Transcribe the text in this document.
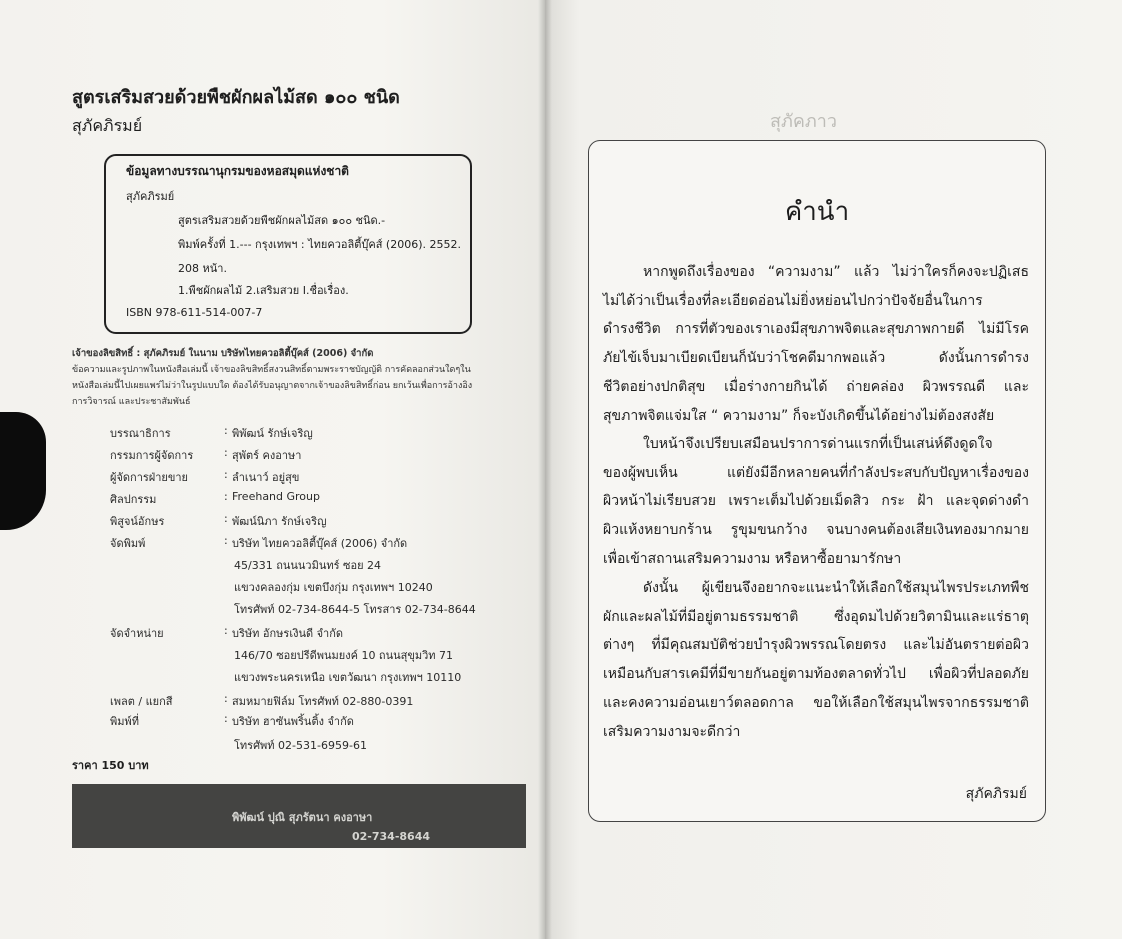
สูตรเสริมสวยด้วยพืชผักผลไม้สด ๑๐๐ ชนิด
สุภัคภิรมย์
ข้อมูลทางบรรณานุกรมของหอสมุดแห่งชาติ
สุภัคภิรมย์
สูตรเสริมสวยด้วยพืชผักผลไม้สด ๑๐๐ ชนิด.-
พิมพ์ครั้งที่ 1.--- กรุงเทพฯ : ไทยควอลิตี้บุ๊คส์ (2006). 2552.
208 หน้า.
1.พืชผักผลไม้ 2.เสริมสวย I.ชื่อเรื่อง.
ISBN 978-611-514-007-7
เจ้าของลิขสิทธิ์ : สุภัคภิรมย์ ในนาม บริษัทไทยควอลิตี้บุ๊คส์ (2006) จำกัด
ข้อความและรูปภาพในหนังสือเล่มนี้ เจ้าของลิขสิทธิ์สงวนสิทธิ์ตามพระราชบัญญัติ การคัดลอกส่วนใดๆใน
หนังสือเล่มนี้ไปเผยแพร่ไม่ว่าในรูปแบบใด ต้องได้รับอนุญาตจากเจ้าของลิขสิทธิ์ก่อน ยกเว้นเพื่อการอ้างอิง
การวิจารณ์ และประชาสัมพันธ์
บรรณาธิการ	: พิพัฒน์ รักษ์เจริญ
กรรมการผู้จัดการ	: สุพัตร์ คงอาษา
ผู้จัดการฝ่ายขาย	: ลำเนาว์ อยู่สุข
ศิลปกรรม	: Freehand Group
พิสูจน์อักษร	: พัฒน์นิภา รักษ์เจริญ
จัดพิมพ์	: บริษัท ไทยควอลิตี้บุ๊คส์ (2006) จำกัด
45/331 ถนนนวมินทร์ ซอย 24
แขวงคลองกุ่ม เขตบึงกุ่ม กรุงเทพฯ 10240
โทรศัพท์ 02-734-8644-5 โทรสาร 02-734-8644
จัดจำหน่าย	: บริษัท อักษรเงินดี จำกัด
146/70 ซอยปรีดีพนมยงค์ 10 ถนนสุขุมวิท 71
แขวงพระนครเหนือ เขตวัฒนา กรุงเทพฯ 10110
เพลต / แยกสี	: สมหมายฟิล์ม โทรศัพท์ 02-880-0391
พิมพ์ที่	: บริษัท ฮาซันพริ้นติ้ง จำกัด
โทรศัพท์ 02-531-6959-61
ราคา 150 บาท
พิพัฒน์ ปุณิ สุภรัตนา คงอาษา
02-734-8644
สุภัคภาว
คำนำ
หากพูดถึงเรื่องของ “ความงาม” แล้ว ไม่ว่าใครก็คงจะปฏิเสธ
ไม่ได้ว่าเป็นเรื่องที่ละเอียดอ่อนไม่ยิ่งหย่อนไปกว่าปัจจัยอื่นในการ
ดำรงชีวิต การที่ตัวของเราเองมีสุขภาพจิตและสุขภาพกายดี ไม่มีโรค
ภัยไข้เจ็บมาเบียดเบียนก็นับว่าโชคดีมากพอแล้ว ดังนั้นการดำรง
ชีวิตอย่างปกติสุข เมื่อร่างกายกินได้ ถ่ายคล่อง ผิวพรรณดี และ
สุขภาพจิตแจ่มใส “ ความงาม” ก็จะบังเกิดขึ้นได้อย่างไม่ต้องสงสัย
ใบหน้าจึงเปรียบเสมือนปราการด่านแรกที่เป็นเสน่ห์ดึงดูดใจ
ของผู้พบเห็น แต่ยังมีอีกหลายคนที่กำลังประสบกับปัญหาเรื่องของ
ผิวหน้าไม่เรียบสวย เพราะเต็มไปด้วยเม็ดสิว กระ ฝ้า และจุดด่างดำ
ผิวแห้งหยาบกร้าน รูขุมขนกว้าง จนบางคนต้องเสียเงินทองมากมาย
เพื่อเข้าสถานเสริมความงาม หรือหาซื้อยามารักษา
ดังนั้น ผู้เขียนจึงอยากจะแนะนำให้เลือกใช้สมุนไพรประเภทพืช
ผักและผลไม้ที่มีอยู่ตามธรรมชาติ ซึ่งอุดมไปด้วยวิตามินและแร่ธาตุ
ต่างๆ ที่มีคุณสมบัติช่วยบำรุงผิวพรรณโดยตรง และไม่อันตรายต่อผิว
เหมือนกับสารเคมีที่มีขายกันอยู่ตามท้องตลาดทั่วไป เพื่อผิวที่ปลอดภัย
และคงความอ่อนเยาว์ตลอดกาล ขอให้เลือกใช้สมุนไพรจากธรรมชาติ
เสริมความงามจะดีกว่า
สุภัคภิรมย์
